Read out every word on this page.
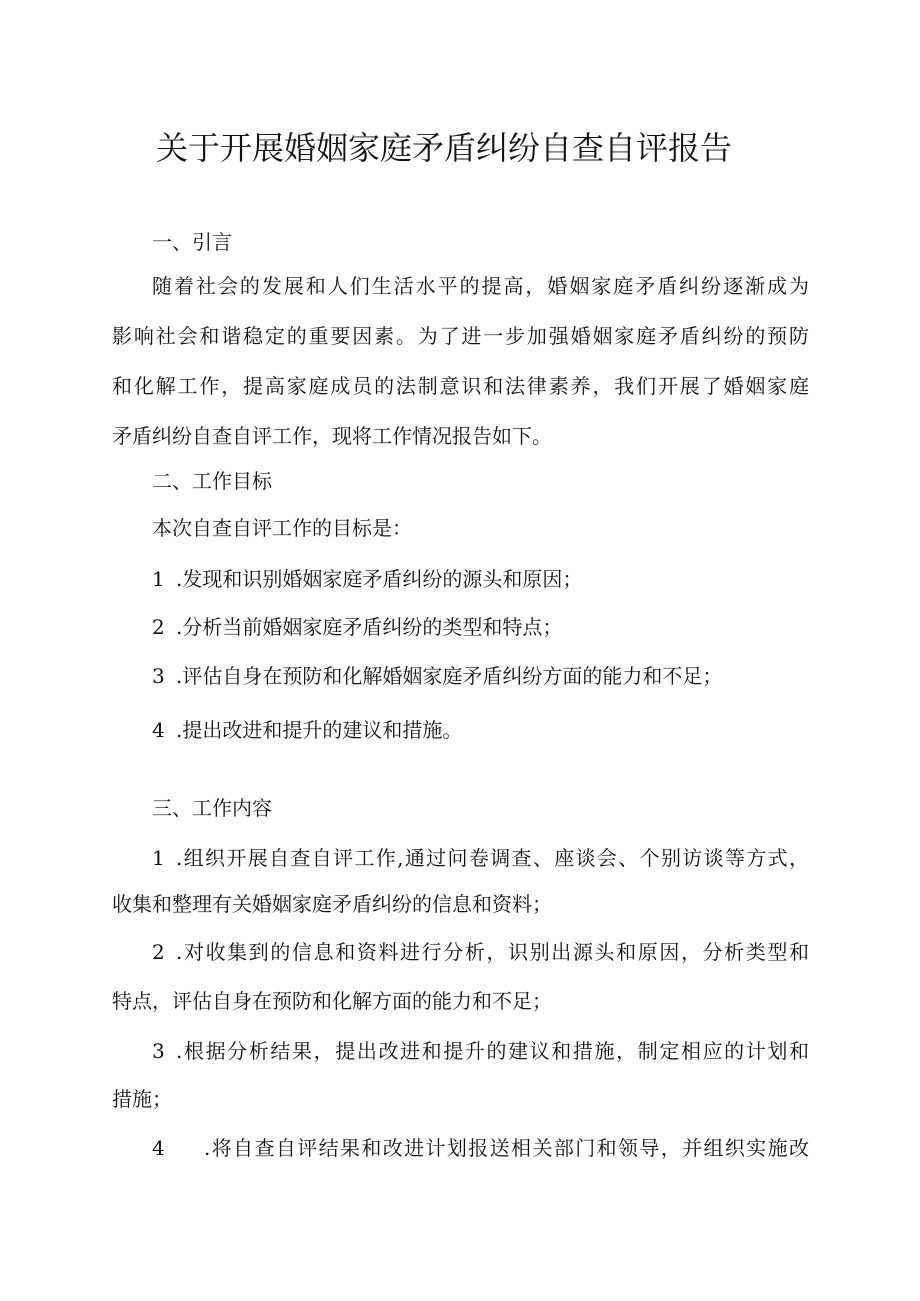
关于开展婚姻家庭矛盾纠纷自查自评报告
一、引言
随着社会的发展和人们生活水平的提高，婚姻家庭矛盾纠纷逐渐成为
影响社会和谐稳定的重要因素。为了进一步加强婚姻家庭矛盾纠纷的预防
和化解工作，提高家庭成员的法制意识和法律素养，我们开展了婚姻家庭
矛盾纠纷自查自评工作，现将工作情况报告如下。
二、工作目标
本次自查自评工作的目标是：
1 .发现和识别婚姻家庭矛盾纠纷的源头和原因；
2 .分析当前婚姻家庭矛盾纠纷的类型和特点；
3 .评估自身在预防和化解婚姻家庭矛盾纠纷方面的能力和不足；
4 .提出改进和提升的建议和措施。
三、工作内容
1 .组织开展自查自评工作,通过问卷调查、座谈会、个别访谈等方式，
收集和整理有关婚姻家庭矛盾纠纷的信息和资料；
2 .对收集到的信息和资料进行分析，识别出源头和原因，分析类型和
特点，评估自身在预防和化解方面的能力和不足；
3 .根据分析结果，提出改进和提升的建议和措施，制定相应的计划和
措施；
4 .将自查自评结果和改进计划报送相关部门和领导，并组织实施改
